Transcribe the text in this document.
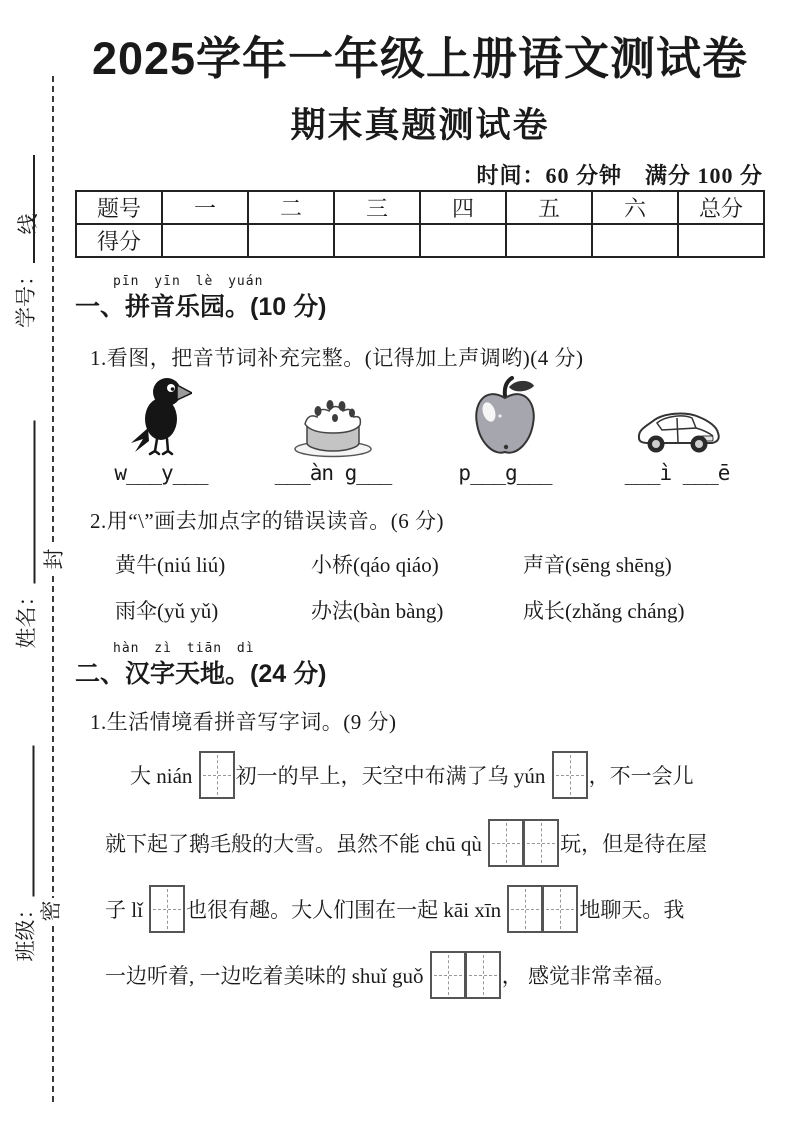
线
封
密
学号：
姓名：
班级：
2025学年一年级上册语文测试卷
期末真题测试卷
时间：60 分钟　满分 100 分
题号	一	二	三	四	五	六	总分
得分							
pīn yīn lè yuán
一、拼音乐园。(10 分)
1.看图，把音节词补充完整。(记得加上声调哟)(4 分)
w___y___	___àn g___	p___g___	___ì ___ē
2.用“\”画去加点字的错误读音。(6 分)
黄牛(niú liú)	小桥(qáo qiáo)	声音(sēng shēng)
雨伞(yǔ yǔ)	办法(bàn bàng)	成长(zhǎng cháng)
hàn zì tiān dì
二、汉字天地。(24 分)
1.生活情境看拼音写字词。(9 分)
大 nián 初一的早上，天空中布满了乌 yún ，不一会儿
就下起了鹅毛般的大雪。虽然不能 chū qù	玩，但是待在屋
子 lǐ 也很有趣。大人们围在一起 kāi xīn	地聊天。我
一边听着, 一边吃着美味的 shuǐ guǒ	， 感觉非常幸福。
